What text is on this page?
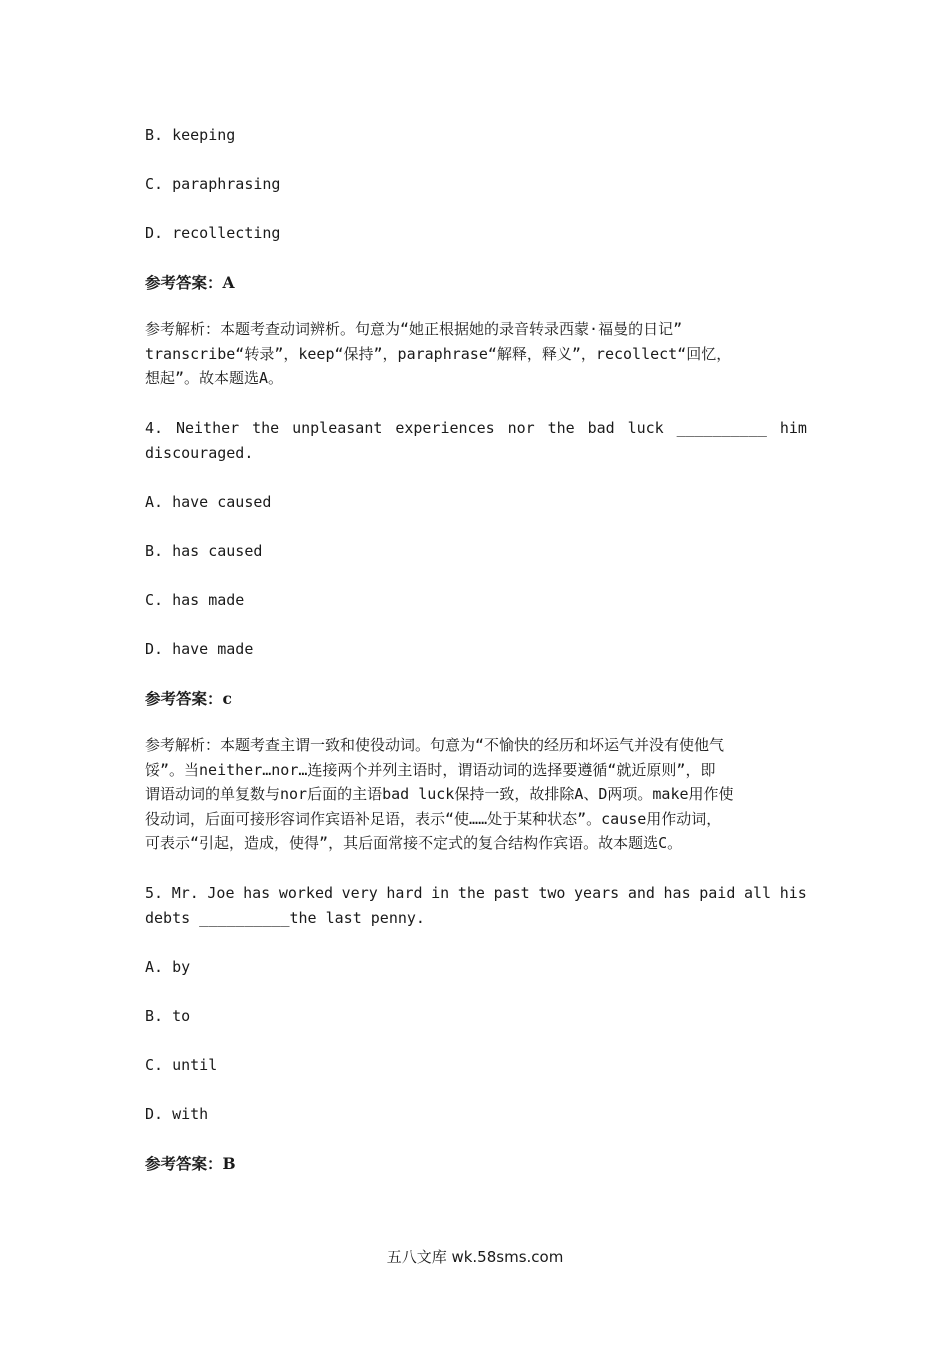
B. keeping
C. paraphrasing
D. recollecting
参考答案：A
参考解析：本题考查动词辨析。句意为“她正根据她的录音转录西蒙·福曼的日记”
transcribe“转录”，keep“保持”，paraphrase“解释，释义”，recollect“回忆，
想起”。故本题选A。
4. Neither the unpleasant experiences nor the bad luck __________ him
discouraged.
A. have caused
B. has caused
C. has made
D. have made
参考答案：c
参考解析：本题考查主谓一致和使役动词。句意为“不愉快的经历和坏运气并没有使他气
馁”。当neither…nor…连接两个并列主语时，谓语动词的选择要遵循“就近原则”，即
谓语动词的单复数与nor后面的主语bad luck保持一致，故排除A、D两项。make用作使
役动词，后面可接形容词作宾语补足语，表示“使……处于某种状态”。cause用作动词，
可表示“引起，造成，使得”，其后面常接不定式的复合结构作宾语。故本题选C。
5. Mr. Joe has worked very hard in the past two years and has paid all his
debts __________the last penny.
A. by
B. to
C. until
D. with
参考答案：B
五八文库 wk.58sms.com
